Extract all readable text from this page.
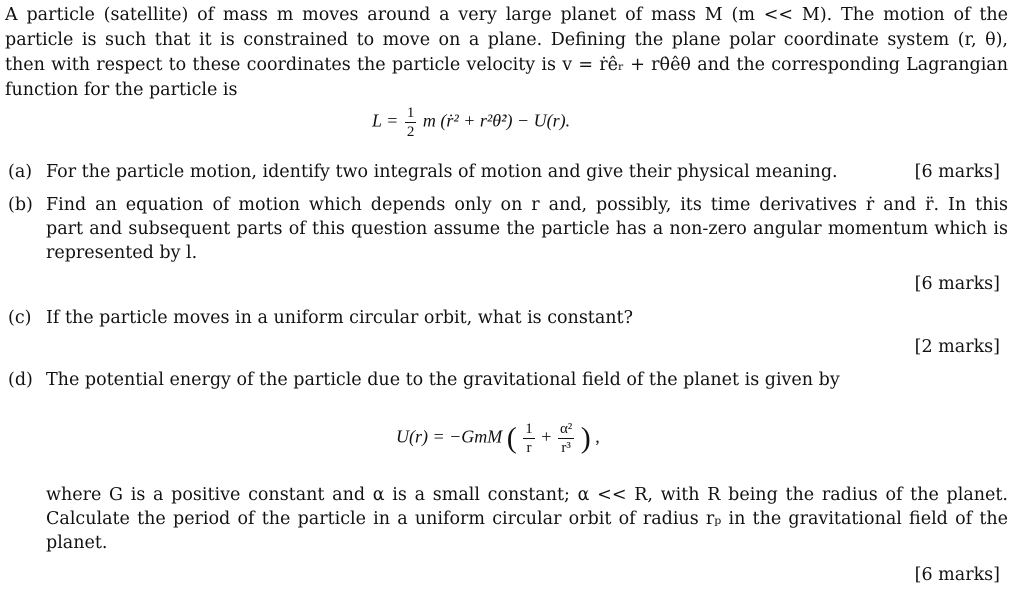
A particle (satellite) of mass m moves around a very large planet of mass M (m << M). The motion of the
particle is such that it is constrained to move on a plane. Defining the plane polar coordinate system (r, θ),
then with respect to these coordinates the particle velocity is v = ṙêᵣ + rθ̇êθ and the corresponding Lagrangian
function for the particle is
$L = \frac{1}{2}$ m (ṙ² + r²θ̇²) − U(r).
(a) For the particle motion, identify two integrals of motion and give their physical meaning.	[6 marks]
(b) Find an equation of motion which depends only on r and, possibly, its time derivatives ṙ and r̈. In this
part and subsequent parts of this question assume the particle has a non-zero angular momentum which is
represented by l.
[6 marks]
(c) If the particle moves in a uniform circular orbit, what is constant?
[2 marks]
(d) The potential energy of the particle due to the gravitational field of the planet is given by
where G is a positive constant and α is a small constant; α << R, with R being the radius of the planet.
Calculate the period of the particle in a uniform circular orbit of radius rₚ in the gravitational field of the
planet.
[6 marks]
U(r) = −GmM ( $\frac{1}{r} + \frac{\text{α²}}{\text{r³}}$ ) ,
